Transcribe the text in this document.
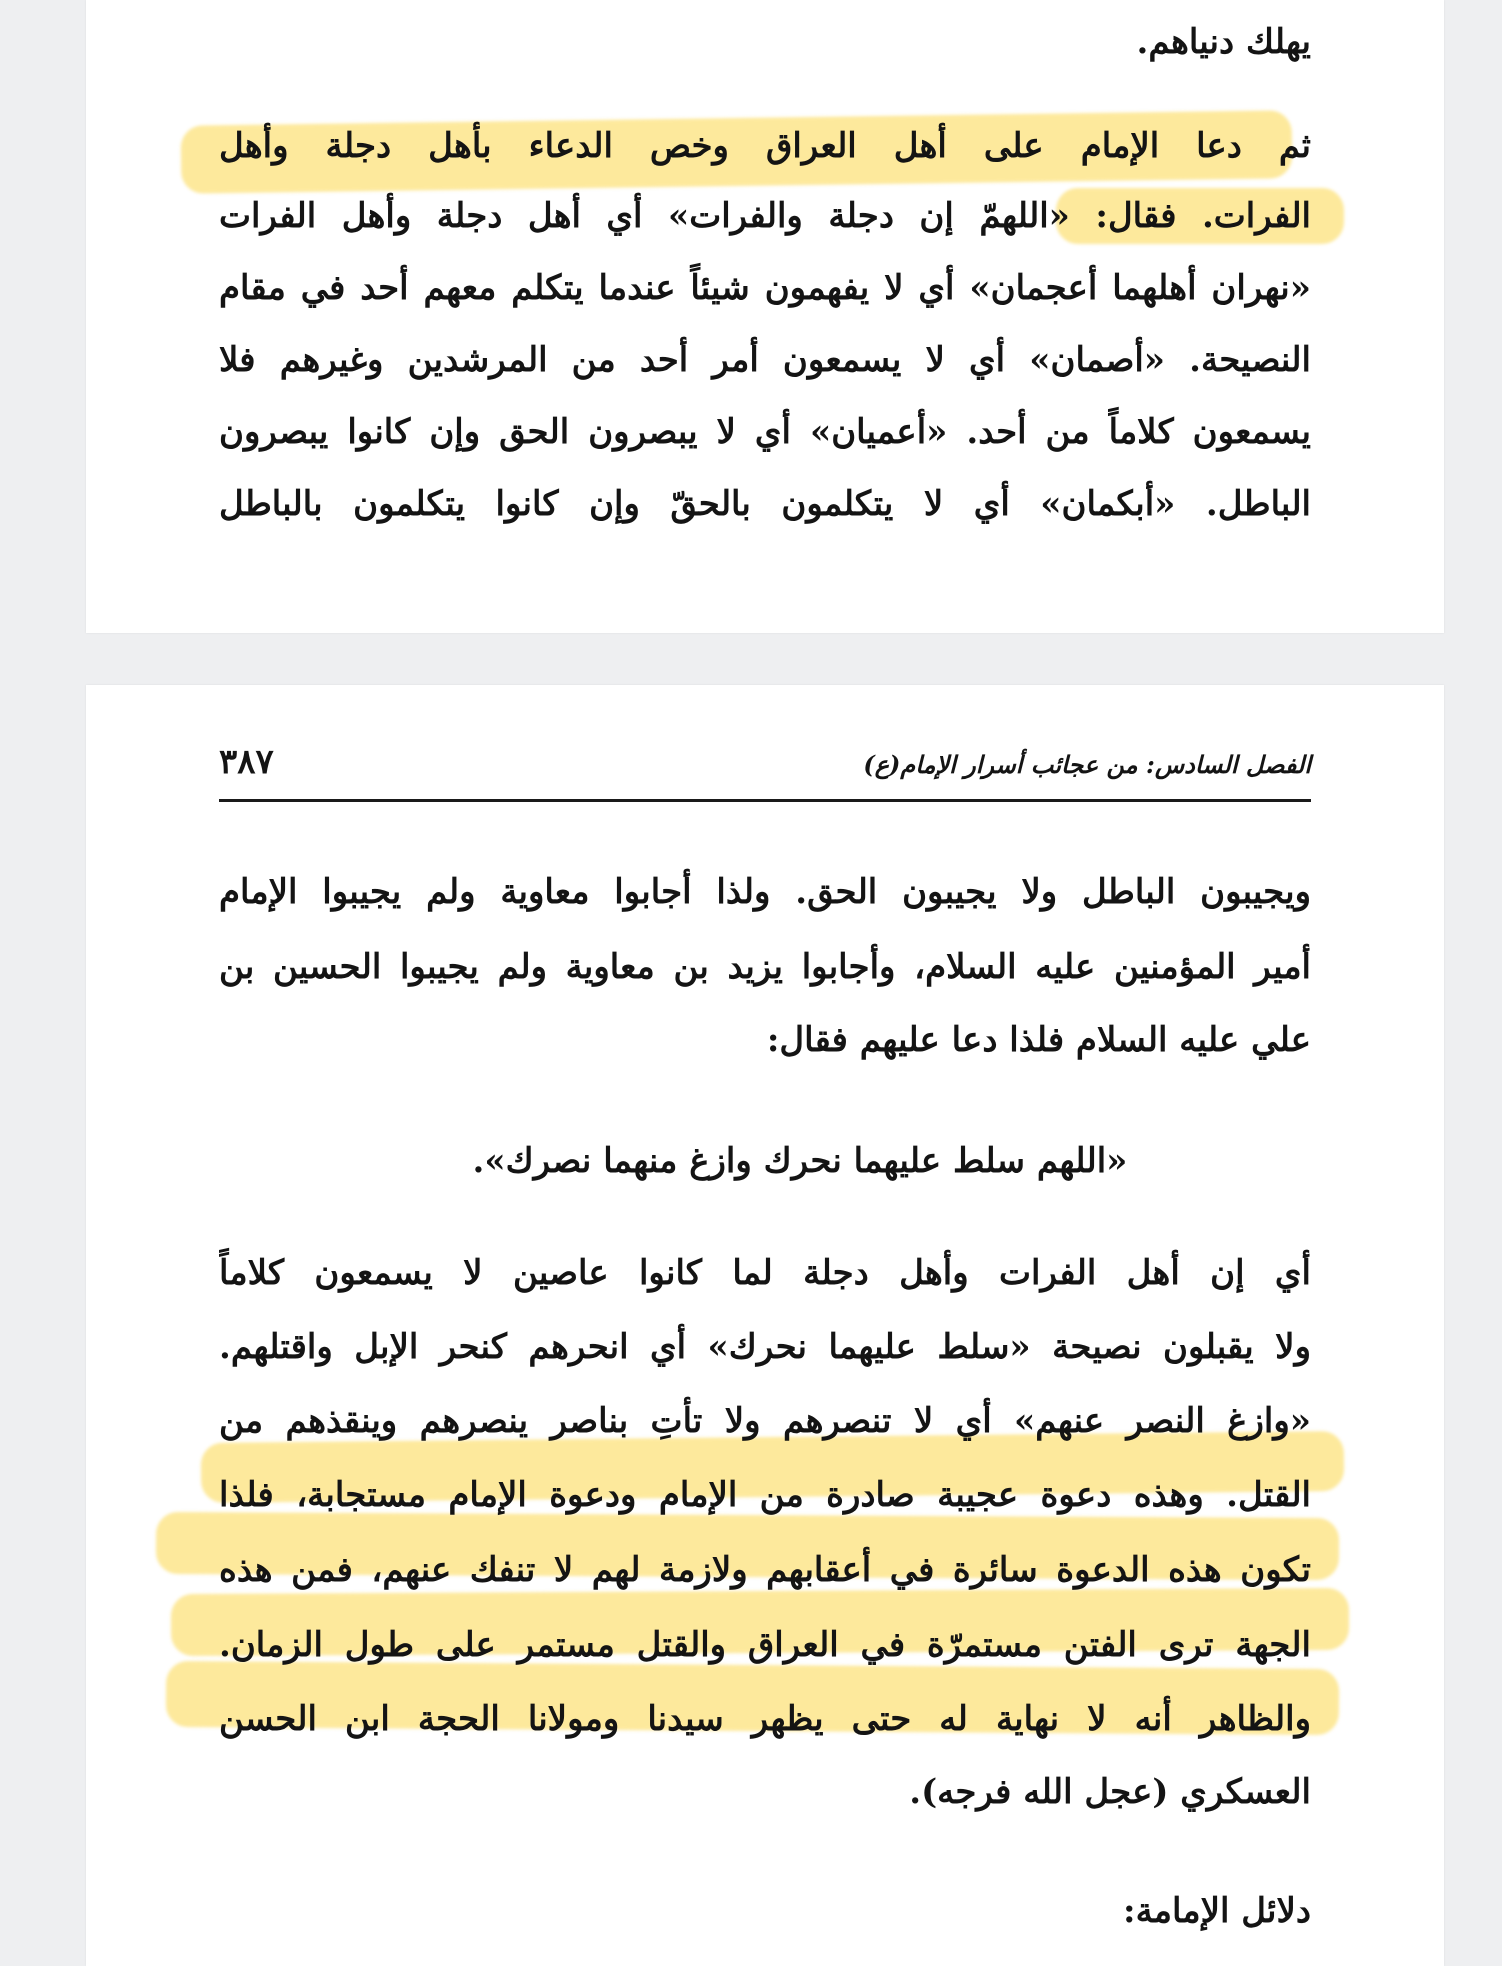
يهلك دنياهم.
ثم دعا الإمام على أهل العراق وخص الدعاء بأهل دجلة وأهل
الفرات. فقال: «اللهمّ إن دجلة والفرات» أي أهل دجلة وأهل الفرات
«نهران أهلهما أعجمان» أي لا يفهمون شيئاً عندما يتكلم معهم أحد في مقام
النصيحة. «أصمان» أي لا يسمعون أمر أحد من المرشدين وغيرهم فلا
يسمعون كلاماً من أحد. «أعميان» أي لا يبصرون الحق وإن كانوا يبصرون
الباطل. «أبكمان» أي لا يتكلمون بالحقّ وإن كانوا يتكلمون بالباطل
الفصل السادس: من عجائب أسرار الإمام(ع)
٣٨٧
ويجيبون الباطل ولا يجيبون الحق. ولذا أجابوا معاوية ولم يجيبوا الإمام
أمير المؤمنين عليه السلام، وأجابوا يزيد بن معاوية ولم يجيبوا الحسين بن
علي عليه السلام فلذا دعا عليهم فقال:
«اللهم سلط عليهما نحرك وازغ منهما نصرك».
أي إن أهل الفرات وأهل دجلة لما كانوا عاصين لا يسمعون كلاماً
ولا يقبلون نصيحة «سلط عليهما نحرك» أي انحرهم كنحر الإبل واقتلهم.
«وازغ النصر عنهم» أي لا تنصرهم ولا تأتِ بناصر ينصرهم وينقذهم من
القتل. وهذه دعوة عجيبة صادرة من الإمام ودعوة الإمام مستجابة، فلذا
تكون هذه الدعوة سائرة في أعقابهم ولازمة لهم لا تنفك عنهم، فمن هذه
الجهة ترى الفتن مستمرّة في العراق والقتل مستمر على طول الزمان.
والظاهر أنه لا نهاية له حتى يظهر سيدنا ومولانا الحجة ابن الحسن
العسكري (عجل الله فرجه).
دلائل الإمامة:
